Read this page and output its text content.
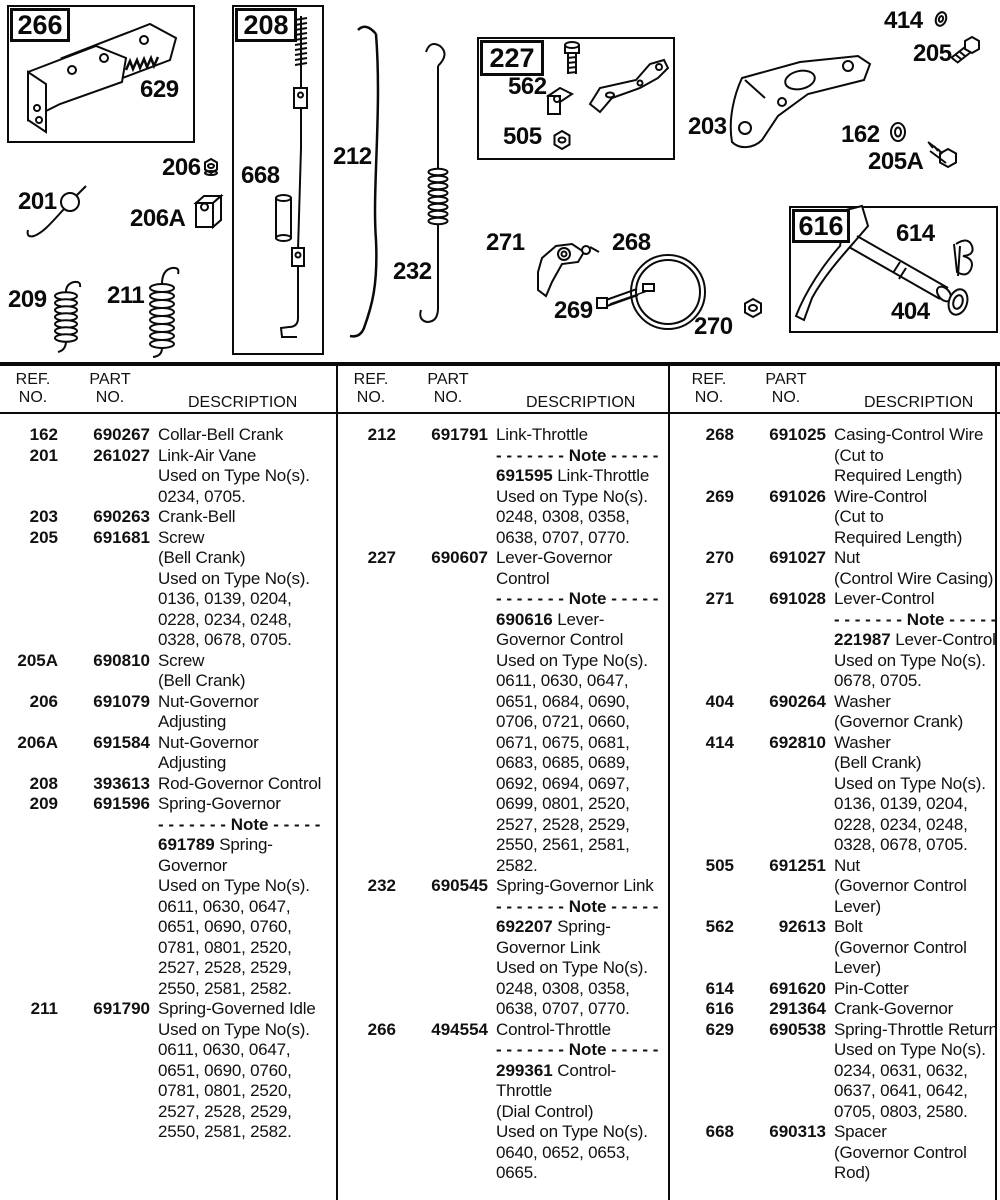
266	208
227
616
629
206
201
206A
209	211
668
212
232
562
505
271	268
269
270
203
414
205
162
205A
614
404
REF.
NO.
PART
NO.	DESCRIPTION
162	690267 Collar-Bell Crank
201	261027 Link-Air Vane
Used on Type No(s).
0234, 0705.
203	690263 Crank-Bell
205	691681 Screw
(Bell Crank)
Used on Type No(s).
0136, 0139, 0204,
0228, 0234, 0248,
0328, 0678, 0705.
205A	690810 Screw
(Bell Crank)
206	691079 Nut-Governor
Adjusting
206A	691584 Nut-Governor
Adjusting
208	393613 Rod-Governor Control
209	691596 Spring-Governor
- - - - - - - Note - - - - -
691789 Spring-
Governor
Used on Type No(s).
0611, 0630, 0647,
0651, 0690, 0760,
0781, 0801, 2520,
2527, 2528, 2529,
2550, 2581, 2582.
211	691790 Spring-Governed Idle
Used on Type No(s).
0611, 0630, 0647,
0651, 0690, 0760,
0781, 0801, 2520,
2527, 2528, 2529,
2550, 2581, 2582.
REF.
NO.
PART
NO.	DESCRIPTION
212	691791 Link-Throttle
- - - - - - - Note - - - - -
691595 Link-Throttle
Used on Type No(s).
0248, 0308, 0358,
0638, 0707, 0770.
227	690607 Lever-Governor
Control
- - - - - - - Note - - - - -
690616 Lever-
Governor Control
Used on Type No(s).
0611, 0630, 0647,
0651, 0684, 0690,
0706, 0721, 0660,
0671, 0675, 0681,
0683, 0685, 0689,
0692, 0694, 0697,
0699, 0801, 2520,
2527, 2528, 2529,
2550, 2561, 2581,
2582.
232	690545 Spring-Governor Link
- - - - - - - Note - - - - -
692207 Spring-
Governor Link
Used on Type No(s).
0248, 0308, 0358,
0638, 0707, 0770.
266	494554 Control-Throttle
- - - - - - - Note - - - - -
299361 Control-
Throttle
(Dial Control)
Used on Type No(s).
0640, 0652, 0653,
0665.
REF.
NO.
PART
NO.	DESCRIPTION
268	691025 Casing-Control Wire
(Cut to
Required Length)
269	691026 Wire-Control
(Cut to
Required Length)
270	691027 Nut
(Control Wire Casing)
271	691028 Lever-Control
- - - - - - - Note - - - - -
221987 Lever-Control
Used on Type No(s).
0678, 0705.
404	690264 Washer
(Governor Crank)
414	692810 Washer
(Bell Crank)
Used on Type No(s).
0136, 0139, 0204,
0228, 0234, 0248,
0328, 0678, 0705.
505	691251 Nut
(Governor Control
Lever)
562	92613 Bolt
(Governor Control
Lever)
614	691620 Pin-Cotter
616	291364 Crank-Governor
629	690538 Spring-Throttle Return
Used on Type No(s).
0234, 0631, 0632,
0637, 0641, 0642,
0705, 0803, 2580.
668	690313 Spacer
(Governor Control
Rod)
